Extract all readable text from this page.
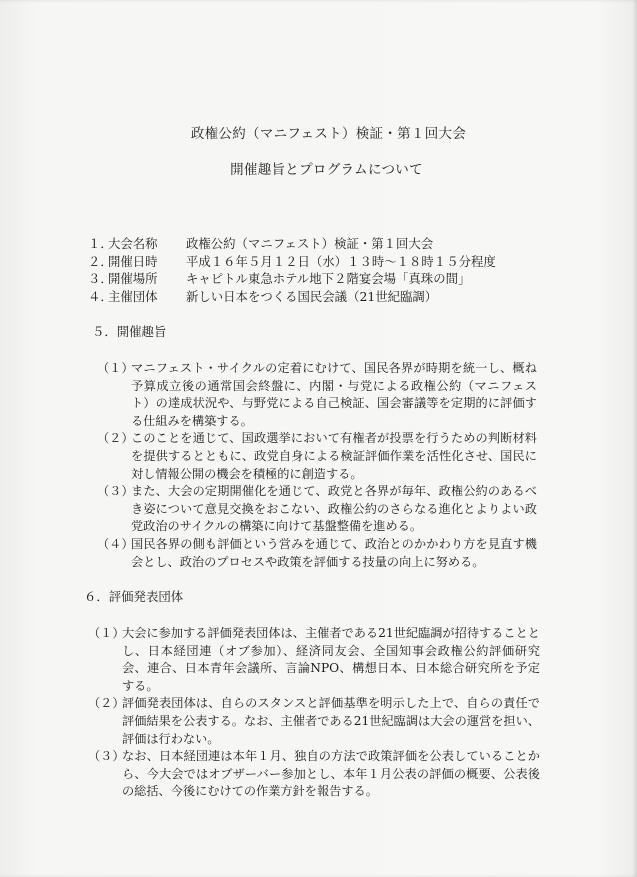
政権公約（マニフェスト）検証・第１回大会
開催趣旨とプログラムについて
１．
大会名称	政権公約（マニフェスト）検証・第１回大会
２．
開催日時	平成１６年５月１２日（水）１３時～１８時１５分程度
３．
開催場所	キャピトル東急ホテル地下２階宴会場「真珠の間」
４．
主催団体	新しい日本をつくる国民会議（21世紀臨調）
５．開催趣旨
（１）
マニフェスト・サイクルの定着にむけて、国民各界が時期を統一し、概ね予算成立後の通常国会終盤に、内閣・与党による政権公約（マニフェスト）の達成状況や、与野党による自己検証、国会審議等を定期的に評価する仕組みを構築する。
（２）
このことを通じて、国政選挙において有権者が投票を行うための判断材料を提供するとともに、政党自身による検証評価作業を活性化させ、国民に対し情報公開の機会を積極的に創造する。
（３）
また、大会の定期開催化を通じて、政党と各界が毎年、政権公約のあるべき姿について意見交換をおこない、政権公約のさらなる進化とよりよい政党政治のサイクルの構築に向けて基盤整備を進める。
（４）
国民各界の側も評価という営みを通じて、政治とのかかわり方を見直す機会とし、政治のプロセスや政策を評価する技量の向上に努める。
６．評価発表団体
（１）
大会に参加する評価発表団体は、主催者である21世紀臨調が招待することとし、日本経団連（オブ参加）、経済同友会、全国知事会政権公約評価研究会、連合、日本青年会議所、言論NPO、構想日本、日本総合研究所を予定する。
（２）
評価発表団体は、自らのスタンスと評価基準を明示した上で、自らの責任で評価結果を公表する。なお、主催者である21世紀臨調は大会の運営を担い、評価は行わない。
（３）
なお、日本経団連は本年１月、独自の方法で政策評価を公表していることから、今大会ではオブザーバー参加とし、本年１月公表の評価の概要、公表後の総括、今後にむけての作業方針を報告する。
